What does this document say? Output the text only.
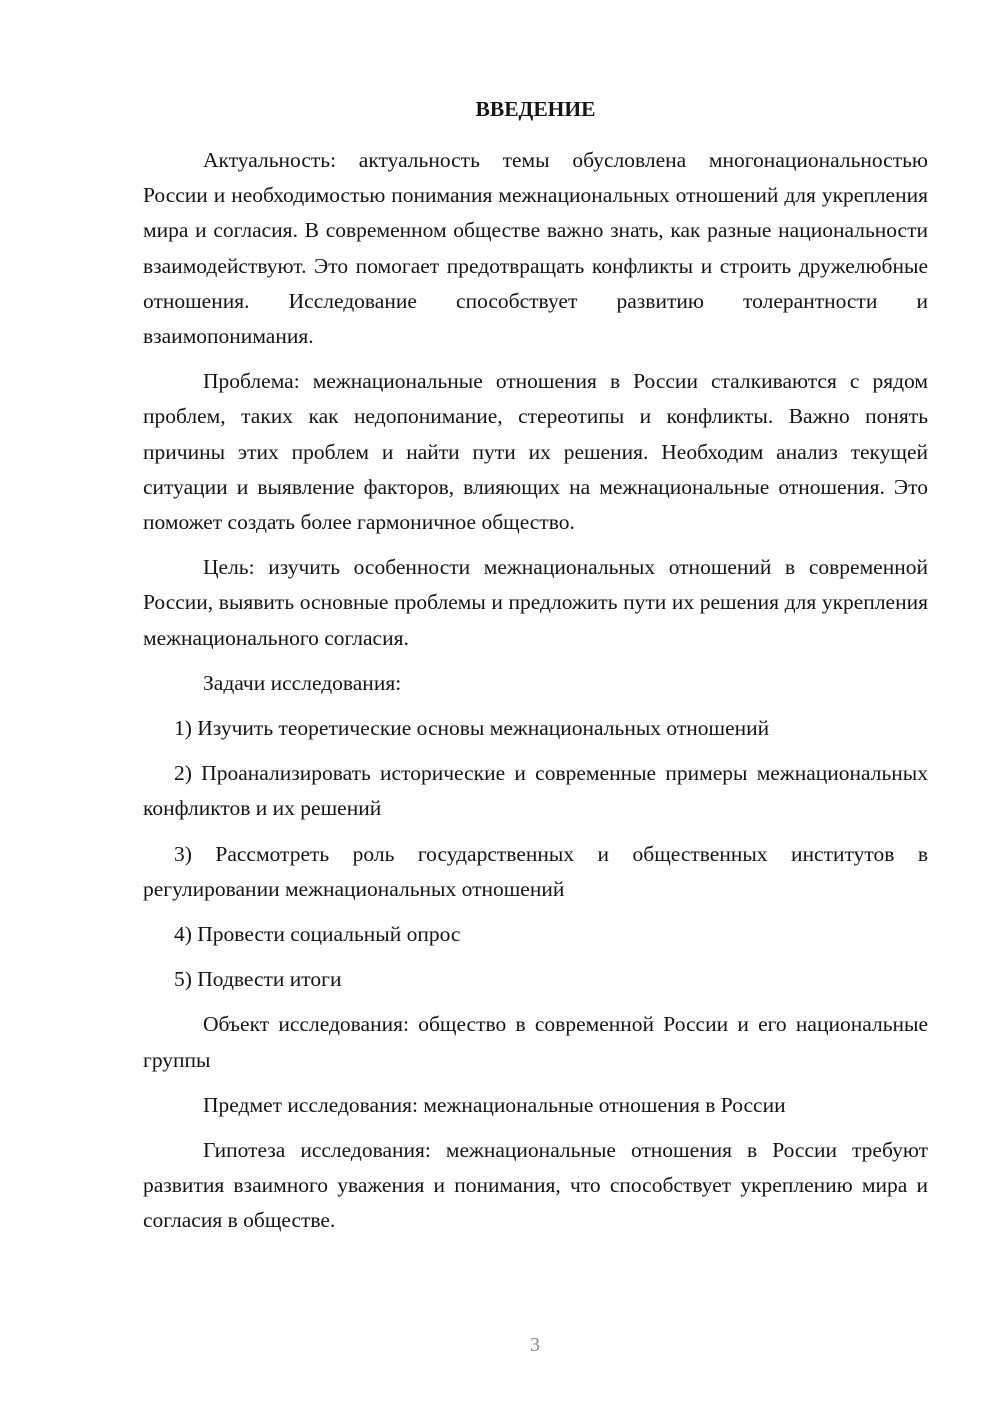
ВВЕДЕНИЕ

Актуальность: актуальность темы обусловлена многонациональностью России и необходимостью понимания межнациональных отношений для укрепления мира и согласия. В современном обществе важно знать, как разные национальности взаимодействуют. Это помогает предотвращать конфликты и строить дружелюбные отношения. Исследование способствует развитию толерантности и взаимопонимания.

Проблема: межнациональные отношения в России сталкиваются с рядом проблем, таких как недопонимание, стереотипы и конфликты. Важно понять причины этих проблем и найти пути их решения. Необходим анализ текущей ситуации и выявление факторов, влияющих на межнациональные отношения. Это поможет создать более гармоничное общество.

Цель: изучить особенности межнациональных отношений в современной России, выявить основные проблемы и предложить пути их решения для укрепления межнационального согласия.

Задачи исследования:

1) Изучить теоретические основы межнациональных отношений

2) Проанализировать исторические и современные примеры межнациональных конфликтов и их решений

3) Рассмотреть роль государственных и общественных институтов в регулировании межнациональных отношений

4) Провести социальный опрос

5) Подвести итоги

Объект исследования: общество в современной России и его национальные группы

Предмет исследования: межнациональные отношения в России

Гипотеза исследования: межнациональные отношения в России требуют развития взаимного уважения и понимания, что способствует укреплению мира и согласия в обществе.

3
